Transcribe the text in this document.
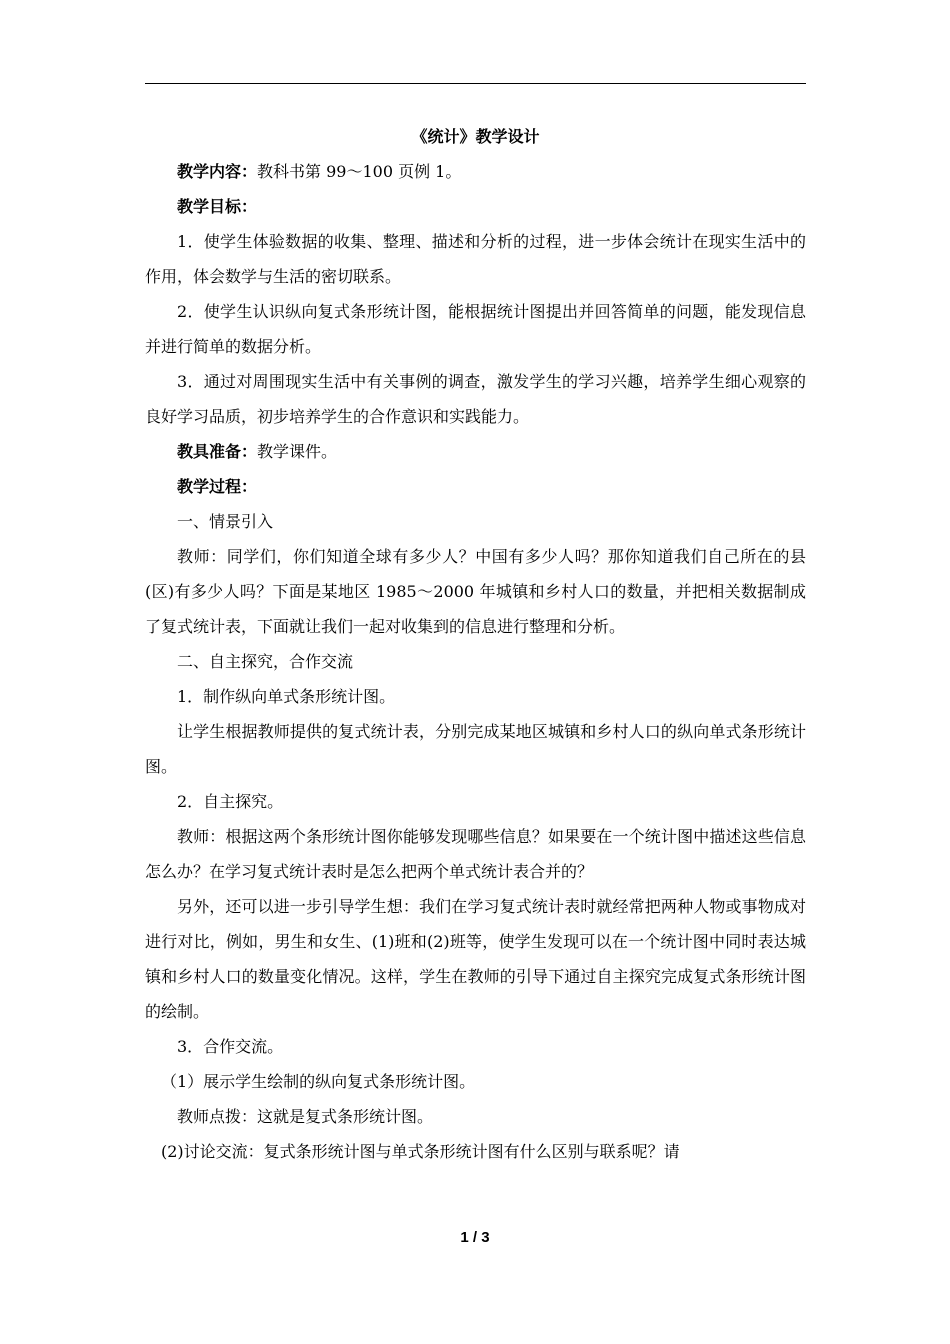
《统计》教学设计

教学内容：教科书第 99～100 页例 1。

教学目标：

1．使学生体验数据的收集、整理、描述和分析的过程，进一步体会统计在现实生活中的作用，体会数学与生活的密切联系。

2．使学生认识纵向复式条形统计图，能根据统计图提出并回答简单的问题，能发现信息并进行简单的数据分析。

3．通过对周围现实生活中有关事例的调查，激发学生的学习兴趣，培养学生细心观察的良好学习品质，初步培养学生的合作意识和实践能力。

教具准备：教学课件。

教学过程：

一、情景引入

教师：同学们，你们知道全球有多少人？中国有多少人吗？那你知道我们自己所在的县(区)有多少人吗？下面是某地区 1985～2000 年城镇和乡村人口的数量，并把相关数据制成了复式统计表，下面就让我们一起对收集到的信息进行整理和分析。

二、自主探究，合作交流

1．制作纵向单式条形统计图。

让学生根据教师提供的复式统计表，分别完成某地区城镇和乡村人口的纵向单式条形统计图。

2．自主探究。

教师：根据这两个条形统计图你能够发现哪些信息？如果要在一个统计图中描述这些信息怎么办？在学习复式统计表时是怎么把两个单式统计表合并的？

另外，还可以进一步引导学生想：我们在学习复式统计表时就经常把两种人物或事物成对进行对比，例如，男生和女生、(1)班和(2)班等，使学生发现可以在一个统计图中同时表达城镇和乡村人口的数量变化情况。这样，学生在教师的引导下通过自主探究完成复式条形统计图的绘制。

3．合作交流。

（1）展示学生绘制的纵向复式条形统计图。

教师点拨：这就是复式条形统计图。

(2)讨论交流：复式条形统计图与单式条形统计图有什么区别与联系呢？请

1 / 3
